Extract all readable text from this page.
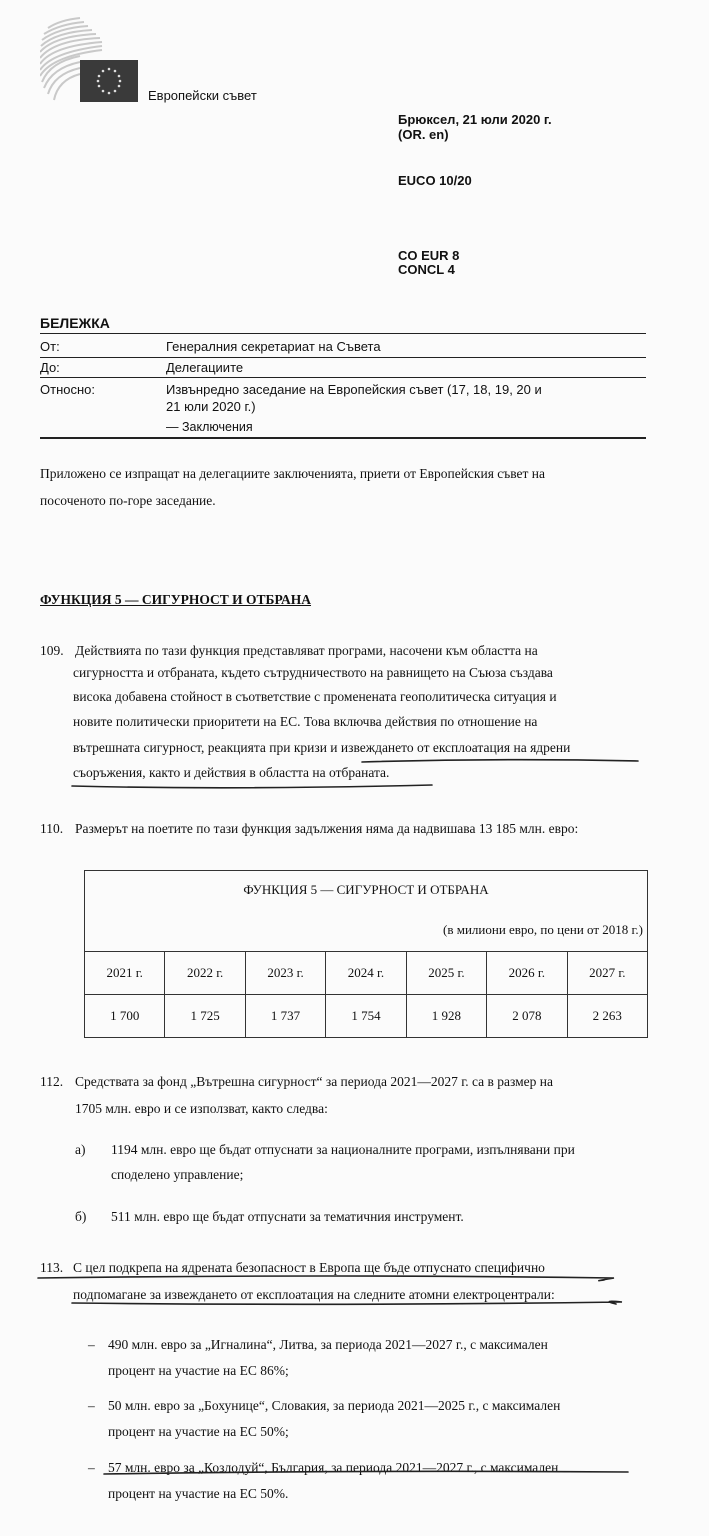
Европейски съвет
Брюксел, 21 юли 2020 г.
(OR. en)
EUCO 10/20
CO EUR 8
CONCL 4
БЕЛЕЖКА
От:	Генералния секретариат на Съвета
До:	Делегациите
Относно:	Извънредно заседание на Европейския съвет (17, 18, 19, 20 и
21 юли 2020 г.)
— Заключения
Приложено се изпращат на делегациите заключенията, приети от Европейския съвет на
посоченото по-горе заседание.
ФУНКЦИЯ 5 — СИГУРНОСТ И ОТБРАНА
109. Действията по тази функция представляват програми, насочени към областта на
сигурността и отбраната, където сътрудничеството на равнището на Съюза създава
висока добавена стойност в съответствие с променената геополитическа ситуация и
новите политически приоритети на ЕС. Това включва действия по отношение на
вътрешната сигурност, реакцията при кризи и извеждането от експлоатация на ядрени
съоръжения, както и действия в областта на отбраната.
110. Размерът на поетите по тази функция задължения няма да надвишава 13 185 млн. евро:
ФУНКЦИЯ 5 — СИГУРНОСТ И ОТБРАНА						
(в милиони евро, по цени от 2018 г.)						
2021 г.	2022 г.	2023 г.	2024 г.	2025 г.	2026 г.	2027 г.
1 700	1 725	1 737	1 754	1 928	2 078	2 263
112. Средствата за фонд „Вътрешна сигурност“ за периода 2021—2027 г. са в размер на
1705 млн. евро и се използват, както следва:
а) 1194 млн. евро ще бъдат отпуснати за националните програми, изпълнявани при
споделено управление;
б) 511 млн. евро ще бъдат отпуснати за тематичния инструмент.
113. С цел подкрепа на ядрената безопасност в Европа ще бъде отпуснато специфично
подпомагане за извеждането от експлоатация на следните атомни електроцентрали:
– 490 млн. евро за „Игналина“, Литва, за периода 2021—2027 г., с максимален
процент на участие на ЕС 86%;
– 50 млн. евро за „Бохунице“, Словакия, за периода 2021—2025 г., с максимален
процент на участие на ЕС 50%;
– 57 млн. евро за „Козлодуй“, България, за периода 2021—2027 г., с максимален
процент на участие на ЕС 50%.
